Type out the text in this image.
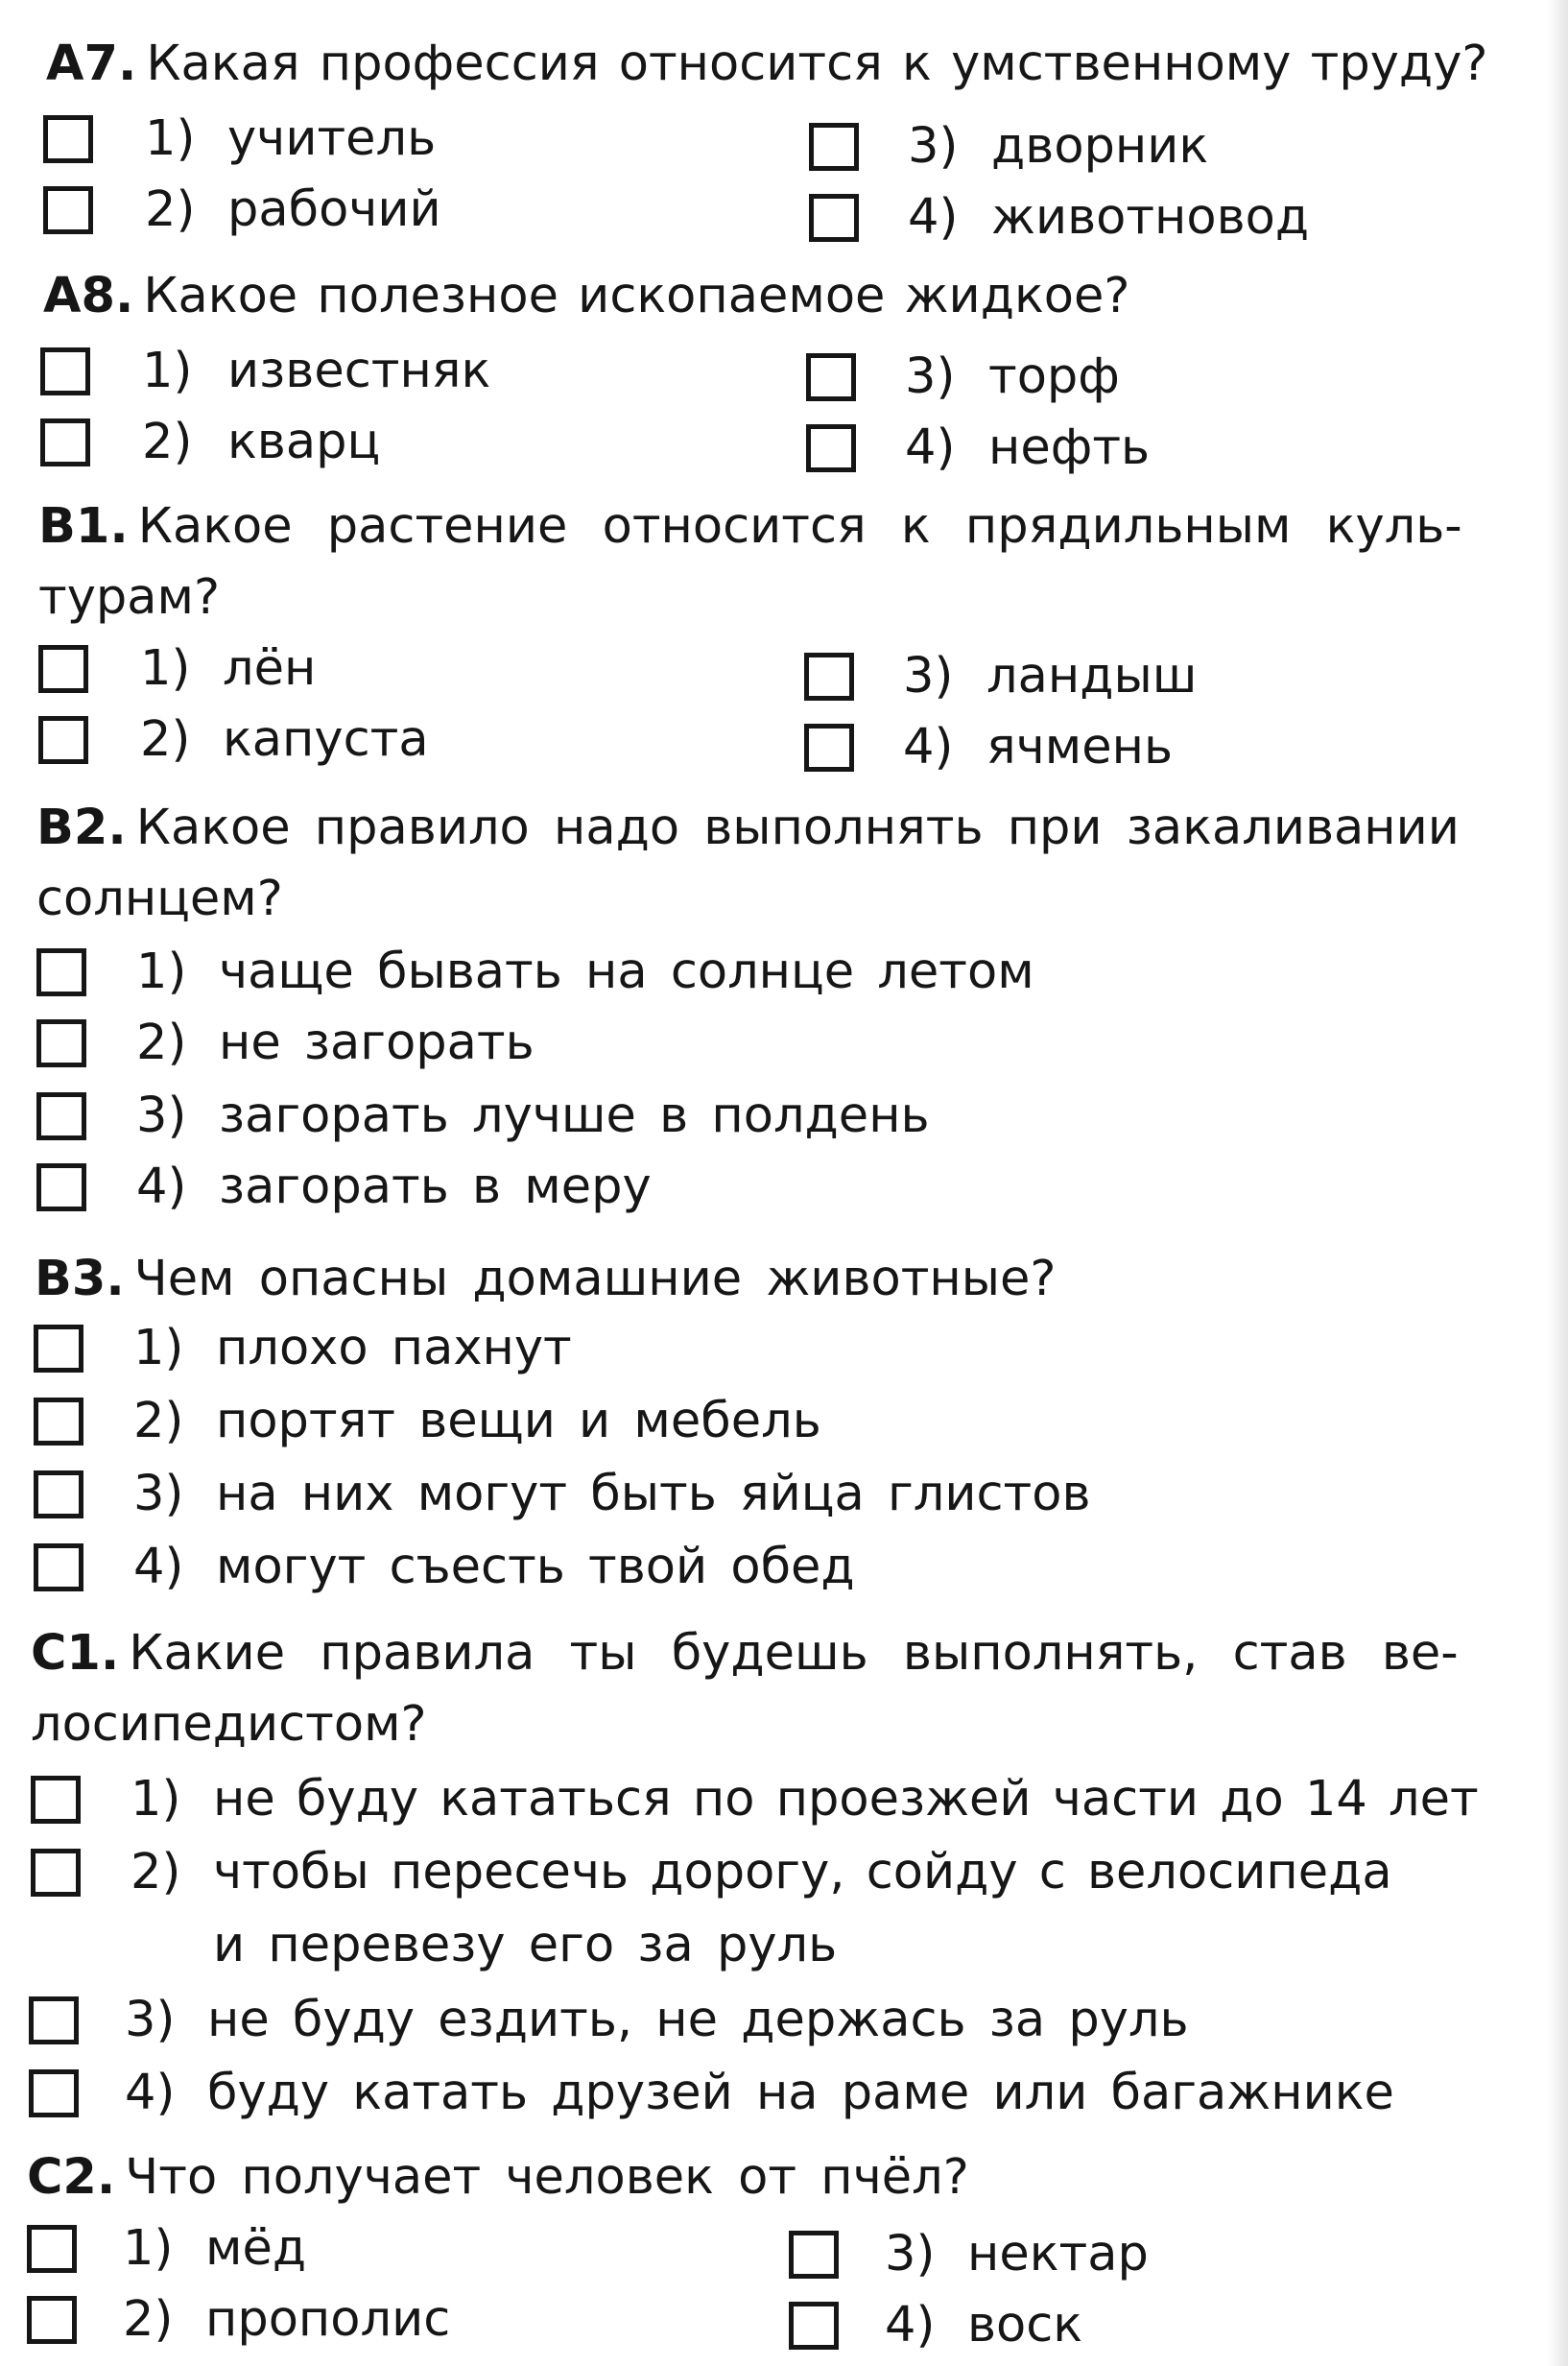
А7. Какая профессия относится к умственному труду?
1) учитель
2) рабочий
3) дворник
4) животновод
А8. Какое полезное ископаемое жидкое?
1) известняк
2) кварц
3) торф
4) нефть
В1. Какое растение относится к прядильным куль-
турам?
1) лён
2) капуста
3) ландыш
4) ячмень
В2. Какое правило надо выполнять при закаливании
солнцем?
1) чаще бывать на солнце летом
2) не загорать
3) загорать лучше в полдень
4) загорать в меру
В3. Чем опасны домашние животные?
1) плохо пахнут
2) портят вещи и мебель
3) на них могут быть яйца глистов
4) могут съесть твой обед
С1. Какие правила ты будешь выполнять, став ве-
лосипедистом?
1) не буду кататься по проезжей части до 14 лет
2) чтобы пересечь дорогу, сойду с велосипеда
и перевезу его за руль
3) не буду ездить, не держась за руль
4) буду катать друзей на раме или багажнике
С2. Что получает человек от пчёл?
1) мёд
2) прополис
3) нектар
4) воск
